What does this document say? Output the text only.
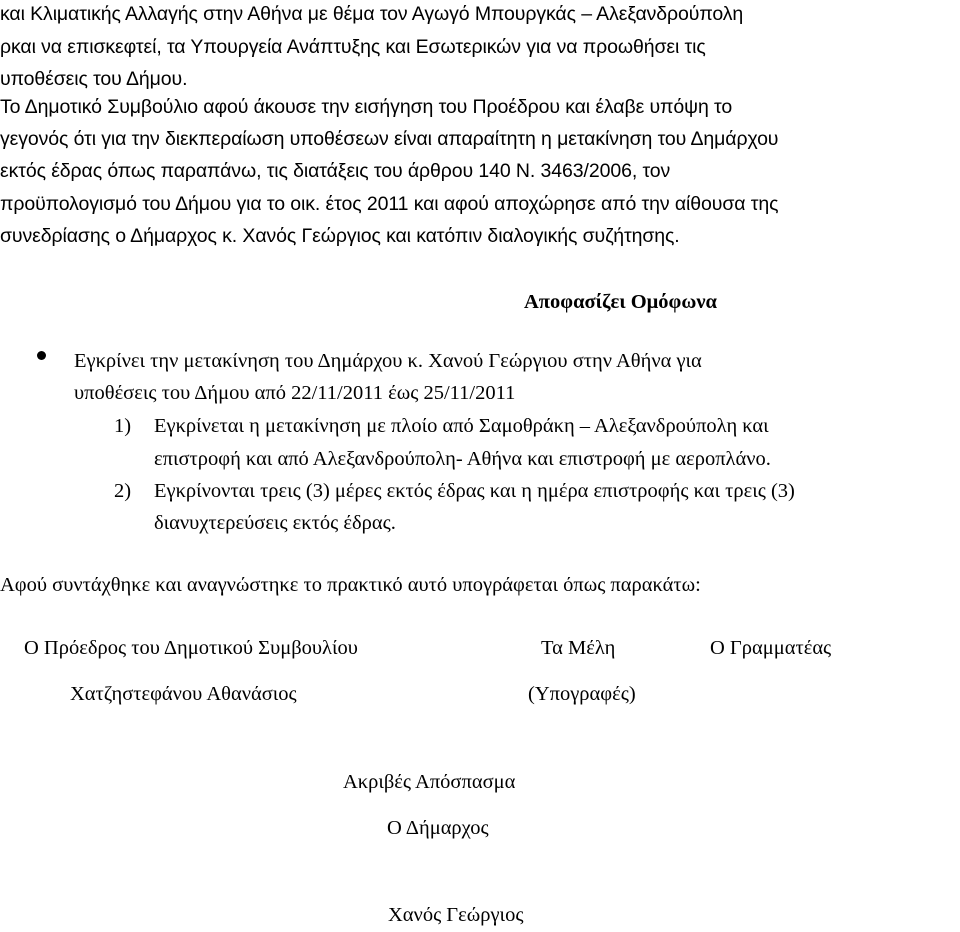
και Κλιματικής Αλλαγής στην Αθήνα με θέμα τον Αγωγό Μπουργκάς – Αλεξανδρούπολη
ρκαι να επισκεφτεί, τα Υπουργεία Ανάπτυξης και Εσωτερικών για να προωθήσει τις
υποθέσεις του Δήμου.
Το Δημοτικό Συμβούλιο αφού άκουσε την εισήγηση του Προέδρου και έλαβε υπόψη το
γεγονός ότι για την διεκπεραίωση υποθέσεων είναι απαραίτητη η μετακίνηση του Δημάρχου
εκτός έδρας όπως παραπάνω, τις διατάξεις του άρθρου 140 Ν. 3463/2006, τον
προϋπολογισμό του Δήμου για το οικ. έτος 2011 και αφού αποχώρησε από την αίθουσα της
συνεδρίασης ο Δήμαρχος κ. Χανός Γεώργιος και κατόπιν διαλογικής συζήτησης.
Αποφασίζει Ομόφωνα
Εγκρίνει την μετακίνηση του Δημάρχου κ. Χανού Γεώργιου στην Αθήνα για
υποθέσεις του Δήμου από 22/11/2011 έως 25/11/2011
1) Εγκρίνεται η μετακίνηση με πλοίο από Σαμοθράκη – Αλεξανδρούπολη και
επιστροφή και από Αλεξανδρούπολη- Αθήνα και επιστροφή με αεροπλάνο.
2) Εγκρίνονται τρεις (3) μέρες εκτός έδρας και η ημέρα επιστροφής και τρεις (3)
διανυχτερεύσεις εκτός έδρας.
Αφού συντάχθηκε και αναγνώστηκε το πρακτικό αυτό υπογράφεται όπως παρακάτω:
Ο Πρόεδρος του Δημοτικού Συμβουλίου	Τα Μέλη	Ο Γραμματέας
Χατζηστεφάνου Αθανάσιος	(Υπογραφές)
Ακριβές Απόσπασμα
Ο Δήμαρχος
Χανός Γεώργιος
